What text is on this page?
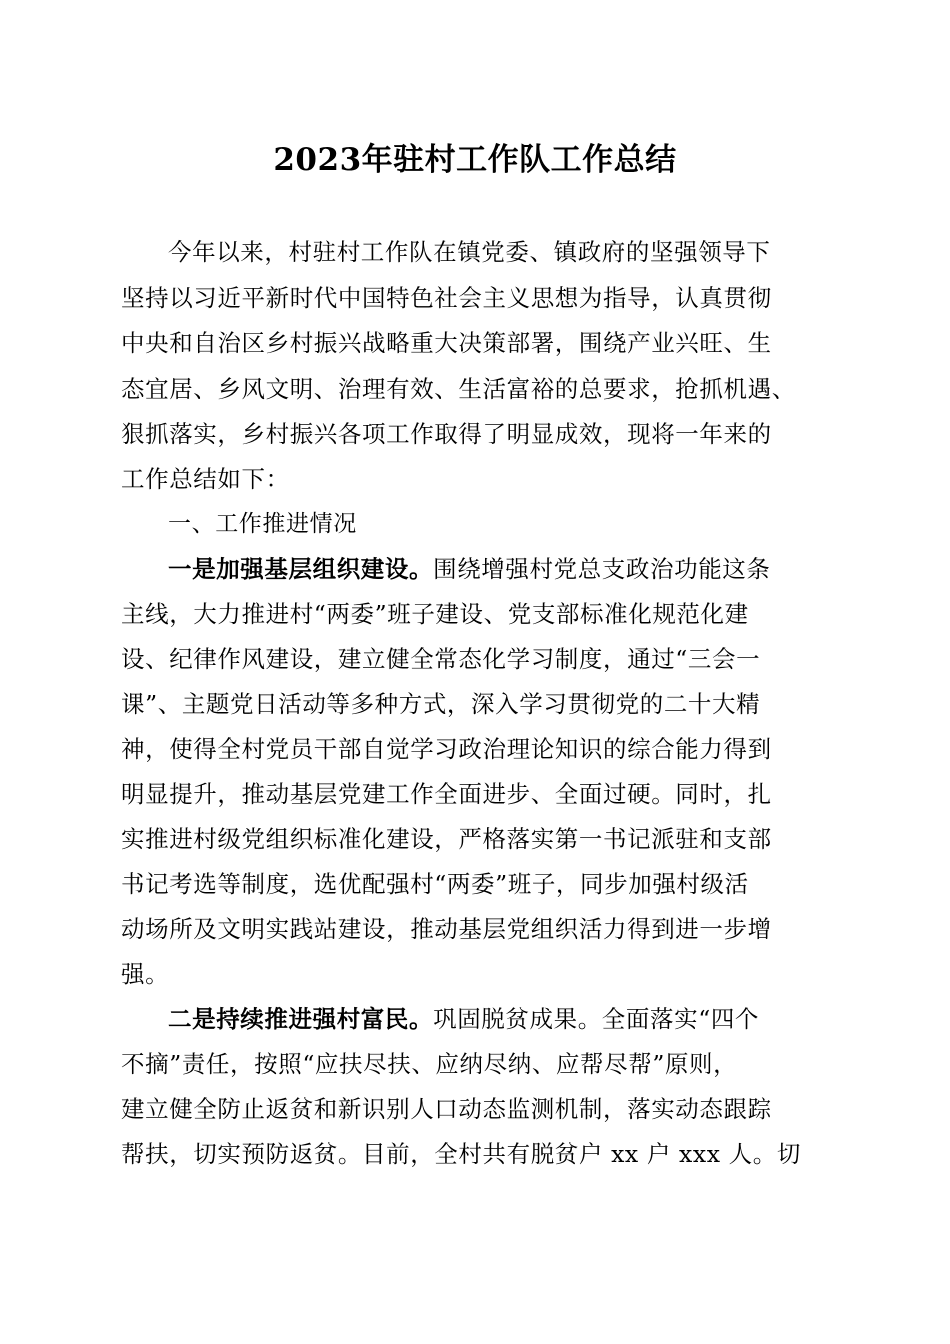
2023年驻村工作队工作总结
今年以来，村驻村工作队在镇党委、镇政府的坚强领导下
坚持以习近平新时代中国特色社会主义思想为指导，认真贯彻
中央和自治区乡村振兴战略重大决策部署，围绕产业兴旺、生
态宜居、乡风文明、治理有效、生活富裕的总要求，抢抓机遇、
狠抓落实，乡村振兴各项工作取得了明显成效，现将一年来的
工作总结如下：
一、工作推进情况
一是加强基层组织建设。围绕增强村党总支政治功能这条
主线，大力推进村“两委”班子建设、党支部标准化规范化建
设、纪律作风建设，建立健全常态化学习制度，通过“三会一
课”、主题党日活动等多种方式，深入学习贯彻党的二十大精
神，使得全村党员干部自觉学习政治理论知识的综合能力得到
明显提升，推动基层党建工作全面进步、全面过硬。同时，扎
实推进村级党组织标准化建设，严格落实第一书记派驻和支部
书记考选等制度，选优配强村“两委”班子，同步加强村级活
动场所及文明实践站建设，推动基层党组织活力得到进一步增
强。
二是持续推进强村富民。巩固脱贫成果。全面落实“四个
不摘”责任，按照“应扶尽扶、应纳尽纳、应帮尽帮”原则，
建立健全防止返贫和新识别人口动态监测机制，落实动态跟踪
帮扶，切实预防返贫。目前，全村共有脱贫户 xx 户 xxx 人。切
